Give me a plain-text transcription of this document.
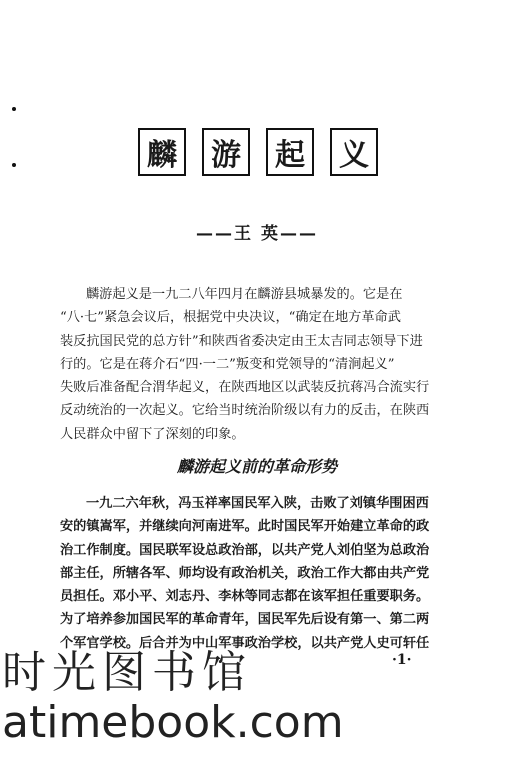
麟	游	起	义
——王 英——

麟游起义是一九二八年四月在麟游县城暴发的。它是在
“八·七”紧急会议后，根据党中央决议，“确定在地方革命武
装反抗国民党的总方针”和陕西省委决定由王太吉同志领导下进
行的。它是在蒋介石“四·一二”叛变和党领导的“清涧起义”
失败后准备配合渭华起义，在陕西地区以武装反抗蒋冯合流实行
反动统治的一次起义。它给当时统治阶级以有力的反击，在陕西
人民群众中留下了深刻的印象。

麟游起义前的革命形势

一九二六年秋，冯玉祥率国民军入陕，击败了刘镇华围困西
安的镇嵩军，并继续向河南进军。此时国民军开始建立革命的政
治工作制度。国民联军设总政治部，以共产党人刘伯坚为总政治
部主任，所辖各军、师均设有政治机关，政治工作大都由共产党
员担任。邓小平、刘志丹、李林等同志都在该军担任重要职务。
为了培养参加国民军的革命青年，国民军先后设有第一、第二两
个军官学校。后合并为中山军事政治学校，以共产党人史可轩任

·1·
时光图书馆
atimebook.com
